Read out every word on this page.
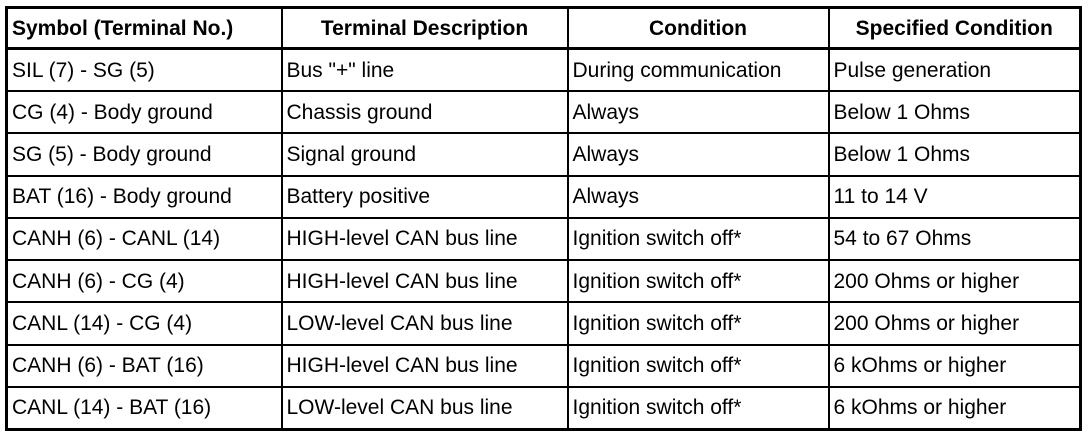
Symbol (Terminal No.)	Terminal Description	Condition	Specified Condition
SIL (7) - SG (5)	Bus "+" line	During communication	Pulse generation
CG (4) - Body ground	Chassis ground	Always	Below 1 Ohms
SG (5) - Body ground	Signal ground	Always	Below 1 Ohms
BAT (16) - Body ground	Battery positive	Always	11 to 14 V
CANH (6) - CANL (14)	HIGH-level CAN bus line	Ignition switch off*	54 to 67 Ohms
CANH (6) - CG (4)	HIGH-level CAN bus line	Ignition switch off*	200 Ohms or higher
CANL (14) - CG (4)	LOW-level CAN bus line	Ignition switch off*	200 Ohms or higher
CANH (6) - BAT (16)	HIGH-level CAN bus line	Ignition switch off*	6 kOhms or higher
CANL (14) - BAT (16)	LOW-level CAN bus line	Ignition switch off*	6 kOhms or higher
